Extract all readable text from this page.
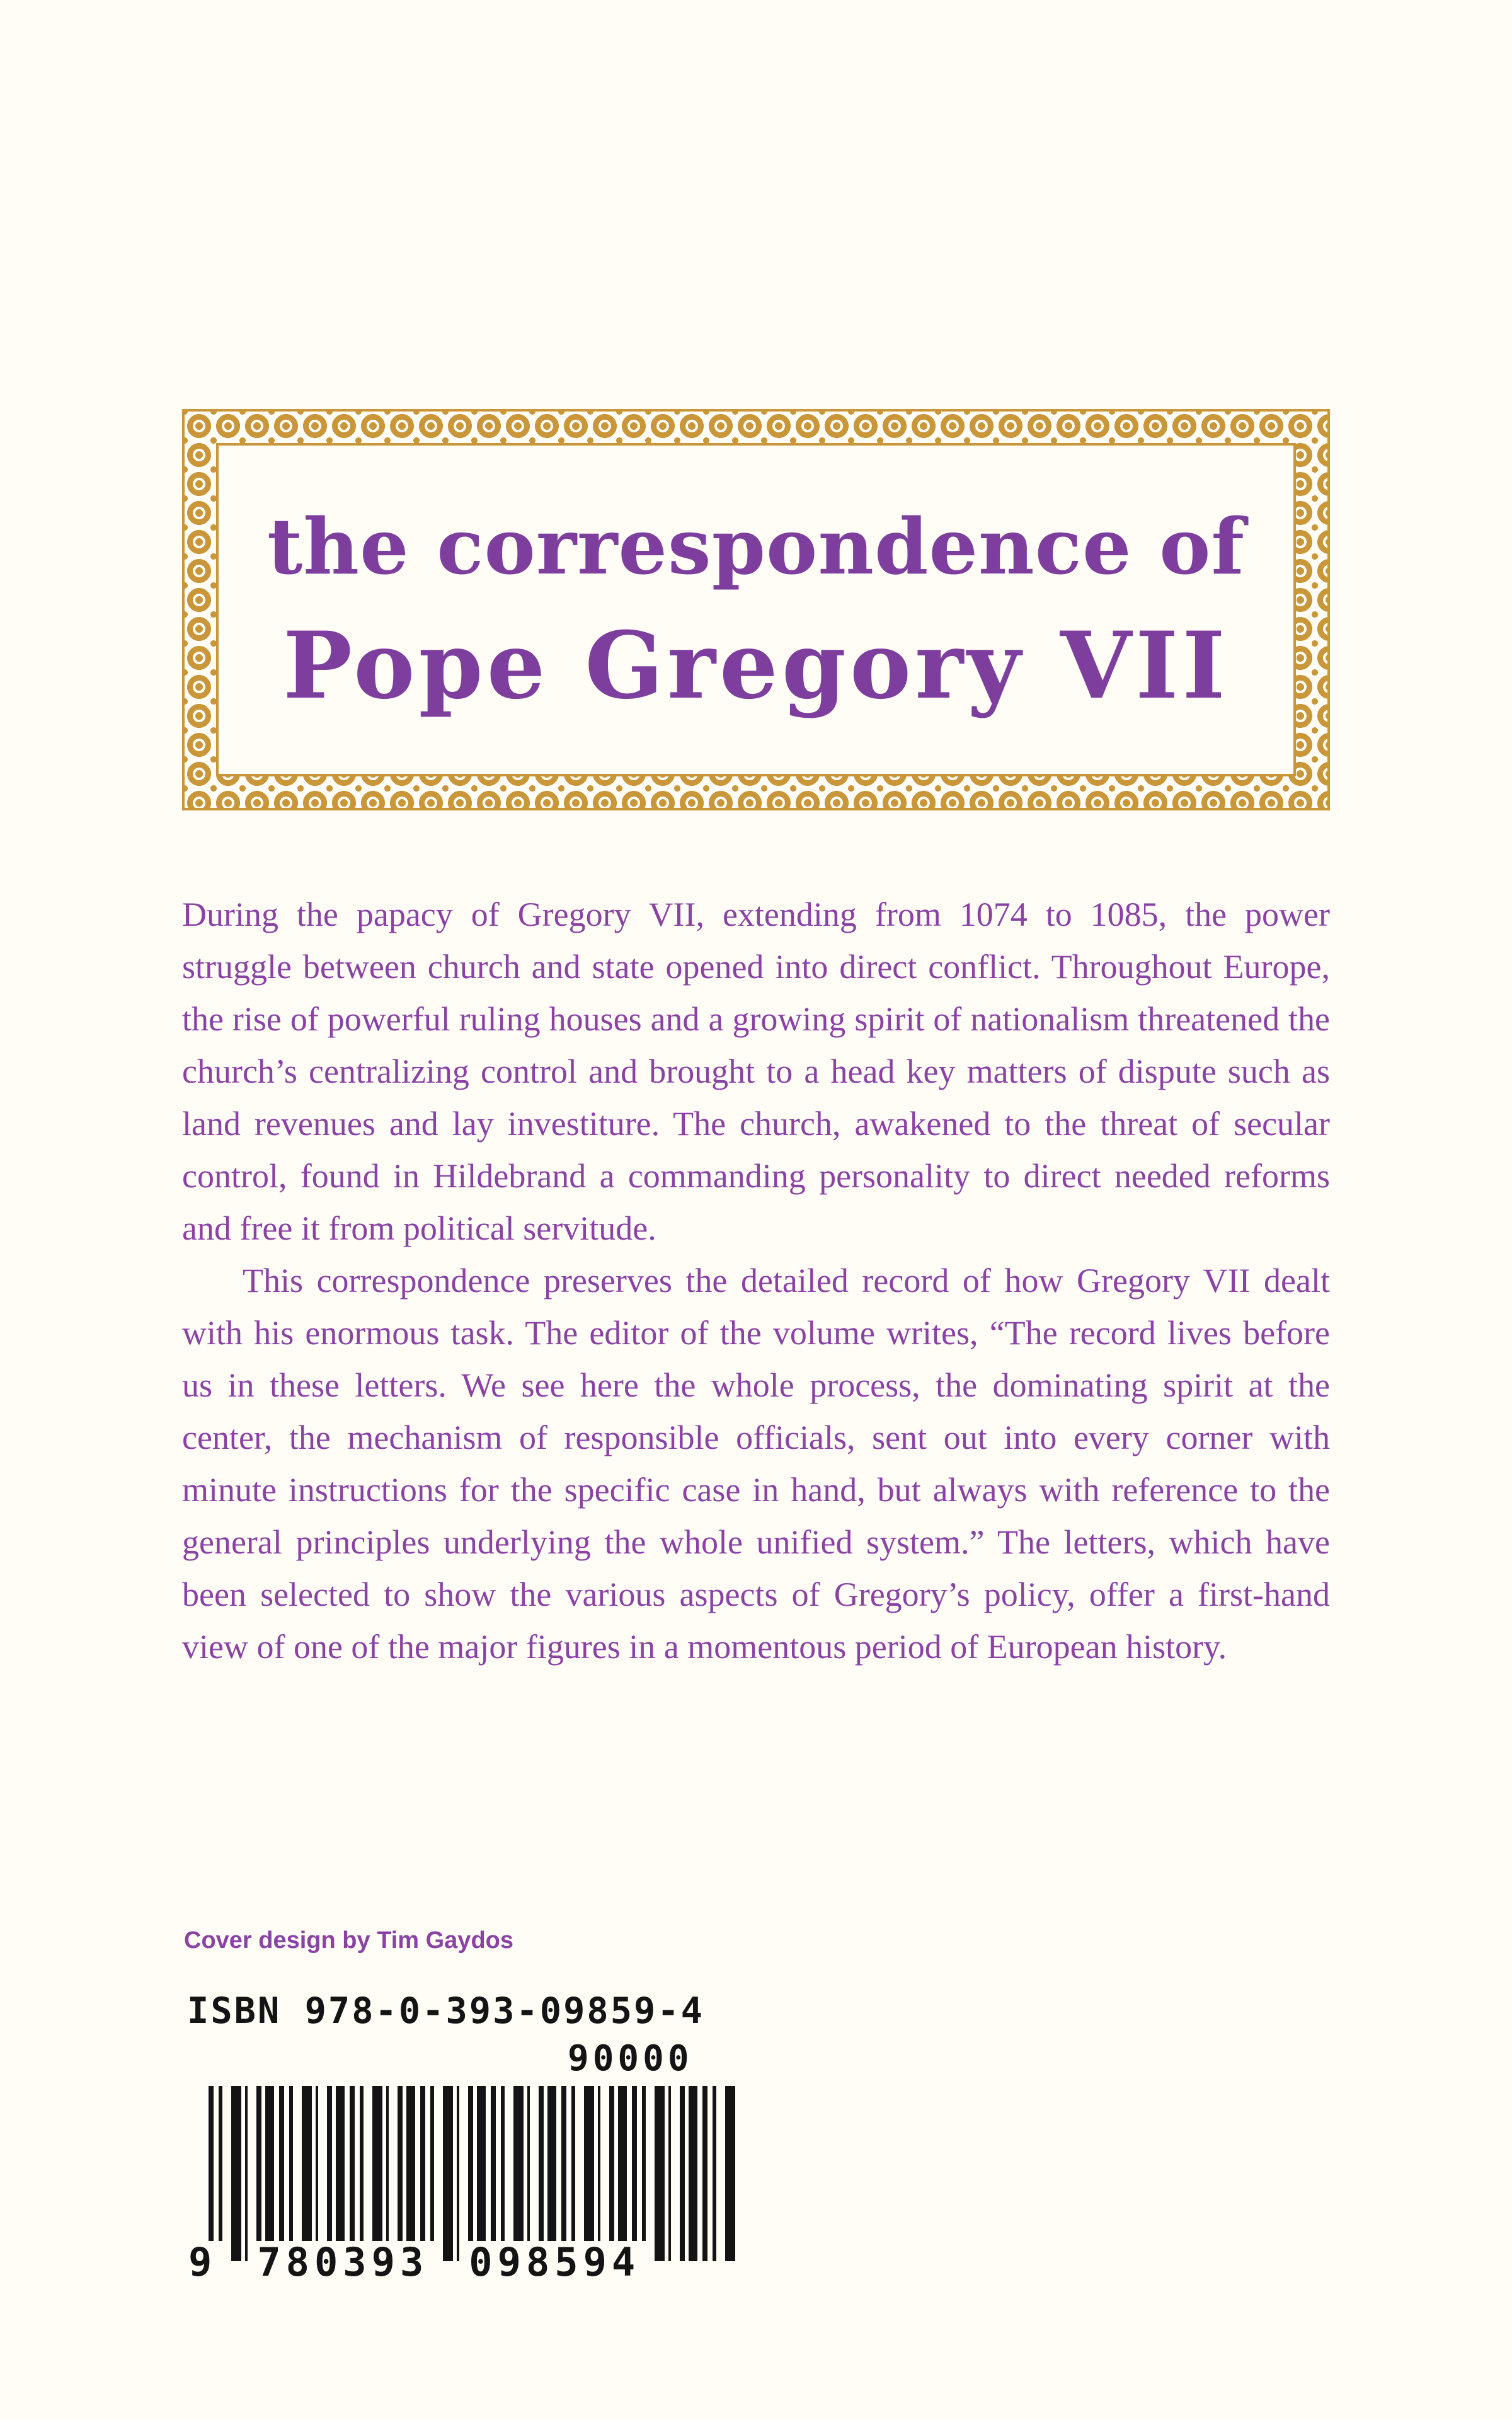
the correspondence of
Pope Gregory VII

During the papacy of Gregory VII, extending from 1074 to 1085, the power struggle between church and state opened into direct conflict. Throughout Europe, the rise of powerful ruling houses and a growing spirit of nationalism threatened the church’s centralizing control and brought to a head key matters of dispute such as land revenues and lay investiture. The church, awakened to the threat of secular control, found in Hildebrand a commanding personality to direct needed reforms and free it from political servitude.

This correspondence preserves the detailed record of how Gregory VII dealt with his enormous task. The editor of the volume writes, “The record lives before us in these letters. We see here the whole process, the dominating spirit at the center, the mechanism of responsible officials, sent out into every corner with minute instructions for the specific case in hand, but always with reference to the general principles underlying the whole unified system.” The letters, which have been selected to show the various aspects of Gregory’s policy, offer a first-hand view of one of the major figures in a momentous period of European history.

Cover design by Tim Gaydos
ISBN 978-0-393-09859-4
90000
9 780393 098594
